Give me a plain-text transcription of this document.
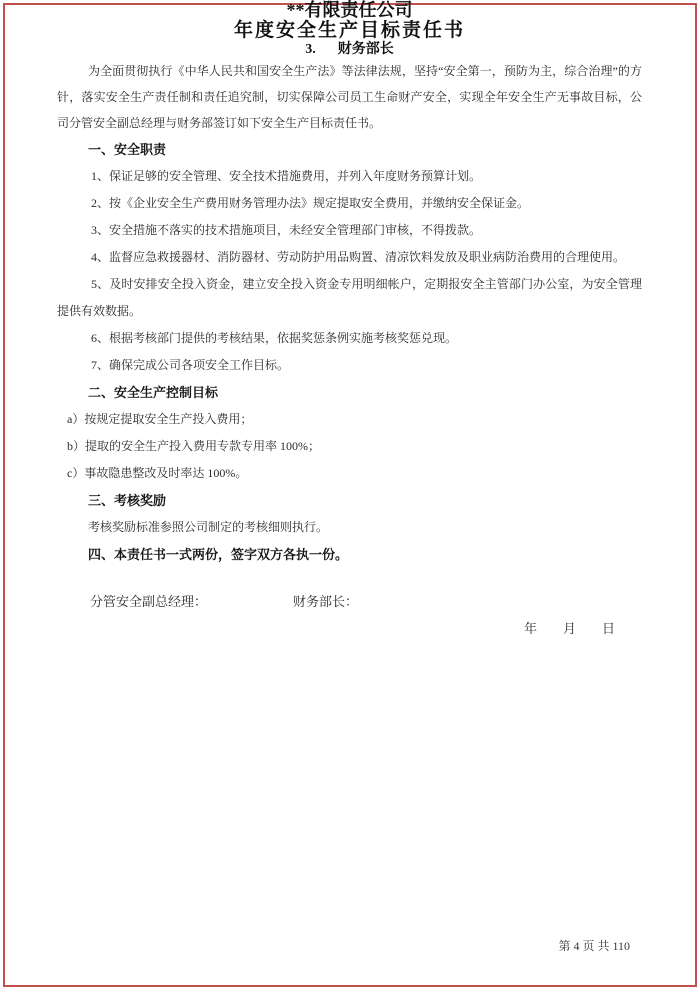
**有限责任公司

年度安全生产目标责任书

3. 财务部长

为全面贯彻执行《中华人民共和国安全生产法》等法律法规，坚持“安全第一，预防为主，综合治理”的方针，落实安全生产责任制和责任追究制，切实保障公司员工生命财产安全，实现全年安全生产无事故目标，公司分管安全副总经理与财务部签订如下安全生产目标责任书。

一、安全职责

1、保证足够的安全管理、安全技术措施费用，并列入年度财务预算计划。

2、按《企业安全生产费用财务管理办法》规定提取安全费用，并缴纳安全保证金。

3、安全措施不落实的技术措施项目，未经安全管理部门审核，不得拨款。

4、监督应急救援器材、消防器材、劳动防护用品购置、清凉饮料发放及职业病防治费用的合理使用。

5、及时安排安全投入资金，建立安全投入资金专用明细帐户，定期报安全主管部门办公室，为安全管理提供有效数据。

6、根据考核部门提供的考核结果，依据奖惩条例实施考核奖惩兑现。

7、确保完成公司各项安全工作目标。

二、安全生产控制目标

a）按规定提取安全生产投入费用；

b）提取的安全生产投入费用专款专用率 100%；

c）事故隐患整改及时率达 100%。

三、考核奖励

考核奖励标准参照公司制定的考核细则执行。

四、本责任书一式两份，签字双方各执一份。

分管安全副总经理：	财务部长：

年　　月　　日

第 4 页 共 110
